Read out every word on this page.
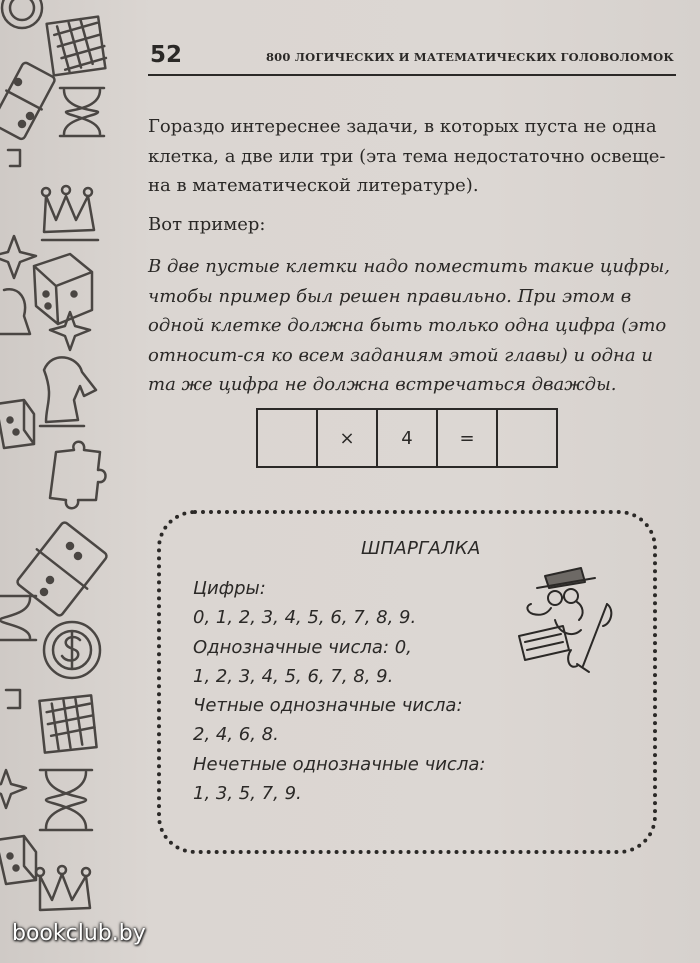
52	800 ЛОГИЧЕСКИХ И МАТЕМАТИЧЕСКИХ ГОЛОВОЛОМОК

Гораздо интереснее задачи, в которых пуста не одна клетка, а две или три (эта тема недостаточно освеще-на в математической литературе).

Вот пример:

В две пустые клетки надо поместить такие цифры, чтобы пример был решен правильно. При этом в одной клетке должна быть только одна цифра (это относит-ся ко всем заданиям этой главы) и одна и та же цифра не должна встречаться дважды.

×	4	=
ШПАРГАЛКА
Цифры:
0, 1, 2, 3, 4, 5, 6, 7, 8, 9.
Однозначные числа: 0,
1, 2, 3, 4, 5, 6, 7, 8, 9.
Четные однозначные числа:
2, 4, 6, 8.
Нечетные однозначные числа:
1, 3, 5, 7, 9.
bookclub.by
